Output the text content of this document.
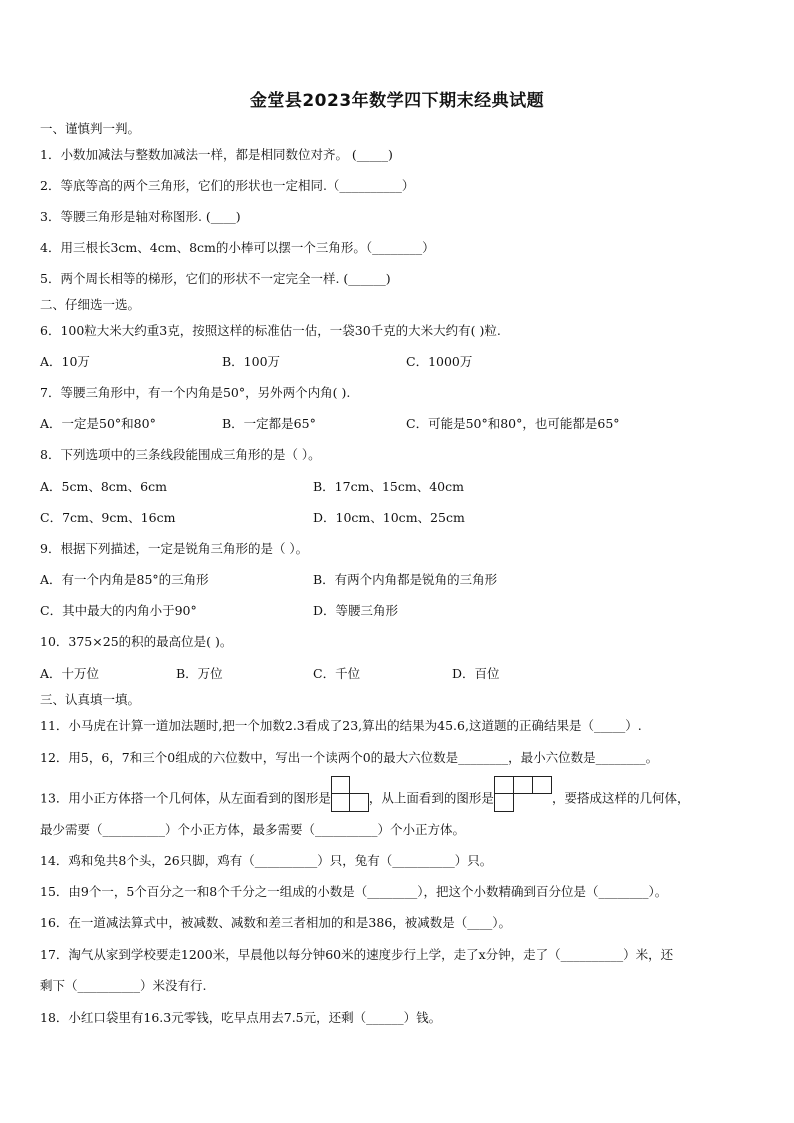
金堂县2023年数学四下期末经典试题
一、谨慎判一判。
1．小数加减法与整数加减法一样，都是相同数位对齐。 (_____)
2．等底等高的两个三角形，它们的形状也一定相同.（__________）
3．等腰三角形是轴对称图形. (____)
4．用三根长3cm、4cm、8cm的小棒可以摆一个三角形。（________）
5．两个周长相等的梯形，它们的形状不一定完全一样. (______)
二、仔细选一选。
6．100粒大米大约重3克，按照这样的标准估一估，一袋30千克的大米大约有( )粒.
A．10万	B．100万	C．1000万
7．等腰三角形中，有一个内角是50°，另外两个内角( ).
A．一定是50°和80°	B．一定都是65°	C．可能是50°和80°，也可能都是65°
8．下列选项中的三条线段能围成三角形的是（ ）。
A．5cm、8cm、6cm	B．17cm、15cm、40cm
C．7cm、9cm、16cm	D．10cm、10cm、25cm
9．根据下列描述，一定是锐角三角形的是（ ）。
A．有一个内角是85°的三角形	B．有两个内角都是锐角的三角形
C．其中最大的内角小于90°	D．等腰三角形
10．375×25的积的最高位是( )。
A．十万位	B．万位	C．千位	D．百位
三、认真填一填。
11．小马虎在计算一道加法题时,把一个加数2.3看成了23,算出的结果为45.6,这道题的正确结果是（_____）.
12．用5，6，7和三个0组成的六位数中，写出一个读两个0的最大六位数是________，最小六位数是________。
13．用小正方体搭一个几何体，从左面看到的图形是	，从上面看到的图形是	，要搭成这样的几何体，
最少需要（__________）个小正方体，最多需要（__________）个小正方体。
14．鸡和兔共8个头，26只脚，鸡有（__________）只，兔有（__________）只。
15．由9个一，5个百分之一和8个千分之一组成的小数是（________），把这个小数精确到百分位是（________）。
16．在一道减法算式中，被减数、减数和差三者相加的和是386，被减数是（____）。
17．淘气从家到学校要走1200米，早晨他以每分钟60米的速度步行上学，走了x分钟，走了（__________）米，还
剩下（__________）米没有行.
18．小红口袋里有16.3元零钱，吃早点用去7.5元，还剩（______）钱。
